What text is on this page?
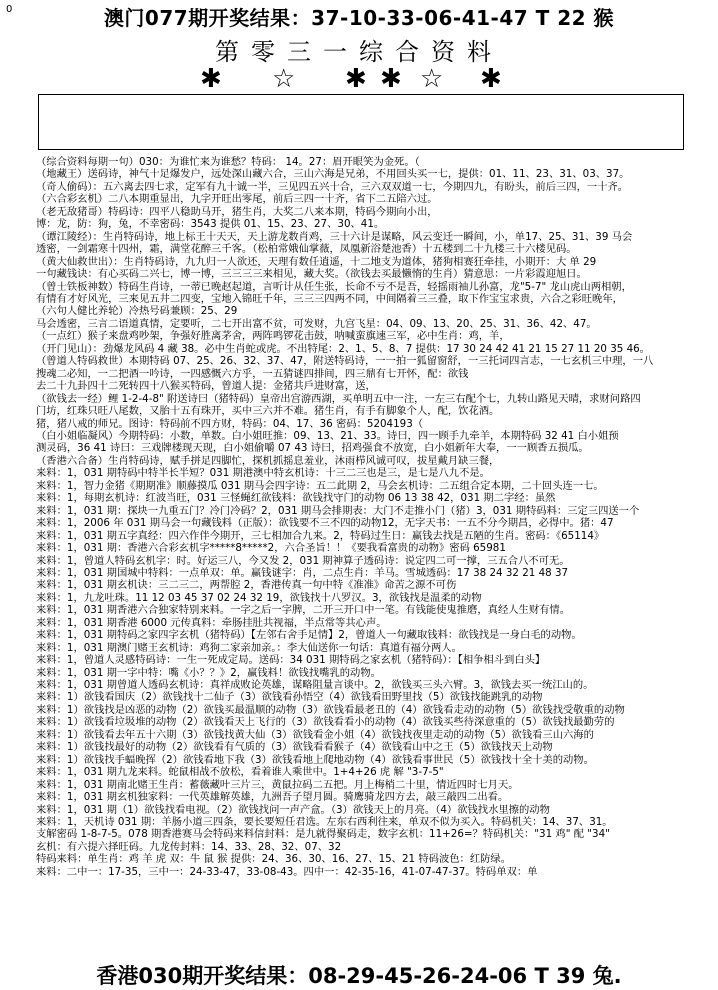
0	澳门077期开奖结果：37-10-33-06-41-47 T 22 猴
第零三一综合资料
✱ ☆ ✱ ✱ ☆ ✱
（综合资料每期一句）030：为谁忙来为谁愁？特码： 14。27：眉开眼笑为金死。（
（地藏王）送码诗，神气十足爆发户，远处深山藏六合，三山六海是兄弟，不用回头买一七，提供：01、11、23、31、03、37。
（奇人偷码）：五六离去四七求，定军有九十诚一半，三见四五兴十合，三六双双道一七，今期四九，有盼头，前后三四，一十齐。
（六合彩玄机）二八本期重显出，九字开旺出零尾，前后三四一十齐，省下二五陪六过。
（老无敌猪哥）特码诗：四平八稳助马开，猪生肖，大奖二八来本期，特码今期向小出，
博：龙，防：狗，兔，不幸密码：3543 提供 01、15、23、27、30、41。
（谭江陵经）：生肖特码诗，地上标王十天天，天上游龙数肖鸡，三十六计是谋略，风云变迁一瞬间，小，单17、25、31、39 马会
透密，一剑霜寒十四州，霜，满堂花醉三千客。（松柏常娥仙掌薇，凤凰新浴楚池香）十五楼到二十九楼三十六楼见码。
（黄大仙救世出）：生肖特码诗，九九归一人欲还，天理有数任逍遥，十二地支为道体，猪狗相赛狂牵挂，小期开：大 单 29
一句藏钱诀：有心买码二兴七，博一博，三三三三来相见，藏大奖。（欲钱去买最懒惰的生肖）猜意思：一片彩霞迎旭日。
（曾士铁板神数）特码生肖诗，一蒂已晚赵起道，言听计从任生张，长命不亏不是吾，轻摇雨袖儿孙富，龙"5-7" 龙山虎山两相朝，
有情有才好风光，三来见五井二四变，宝地入锦旺千年，三三三四两不同，中间隔着三三叠，取下作宝宝求贵，六合之彩旺晚年，
（六句人健比养轮）冷热号码兼顾：25、29
马会透密，三言二语道真情，定要听，二七开出富不贫，可发财，九宫飞星：04、09、13、20、25、31、36、42、47。
（一点红）猴子来盘鸡吵架，争强好胜离茅舍，两阵鸣锣花击鼓，呐喊蛮旗速三军，必中生肖：鸡，羊，
（开门见山）：劲爆龙风码 4 藏 38。必中生肖蛇或虎。不出特尾：2、1、5、8、7 提供：17 30 24 42 41 21 15 27 11 20 35 46。
（曾道人特码救世）本期特码 07、25、26、32、37、47，附送特码诗，一一拍一狐留窗舒，一三托词四言志，一七玄机三中理，一八
搜魂二必知，一二把酒一吟诗，一四感慨六方乎，一五猜谜四排间，四三鼎有七开怀，配：欲钱
去二十九卦四十二死转四十八猴买特码，曾道人提：金猪共戶进财富，送，
（欲钱去一经）鲤 1-2-4-8" 附送诗曰（猪特码）皇帝出宫游西湖，买单明五中一注，一左三右配个七，九转山路见天晴，求财问路四
门坊，红珠只旺八尾数，又胎十五有珠开，买中三六并不难。猪生肖，有手有脚象个人，配，饮花酒。
猪，猪八戒的师兄。图诗：特码前不四方财，特码：04、17、36 密码：5204193（
（白小姐临凝风）今期特码：小数，单数。白小姐旺推：09、13、21、33。诗曰，四一顾手九牵羊，本期特码 32 41 白小姐预
测灵码，36 41 诗曰：三戏牌楼现天现，白小姐偷嚼 07 43 诗曰，招鸡强食不放宽，白小姐新年大奉，一一顾香五损瓜。
（香港六合备）生肖特码诗，赋手拼足四脚忙，探机抓摇息羞业，沐雨栉风诚可叹，拔星戴月缺三餐，
来料：1，031 期特码中特半长半短？031 期港澳中特玄机诗：十三二三也是三，是七是八九不是。
来料：1，智力金猪《期期准》顺藤摸瓜 031 期马会四字诗：五二此期 2，马会玄机诗：二五组合定本期，二十回头连一七。
来料：1，每期玄机诗：红波当旺，031 三怪蝇红欲钱料：欲钱找守门的动物 06 13 38 42，031 期二字经：虽然
来料：1，031 期：探块一九重五门？冷门冷码？2，031 期马会排期表：大门不走推小门（猪）3，031 期特码料：三定三四送一个
来料：1，2006 年 031 期马会一句藏钱料（正版）：欲钱要不三不四的动物12，无字天书：一五不分今期昌，必得中。猪：47
来料：1，031 期五字真经：四六作伴今期开，三七相加合九来。2，特码过生日：赢钱去找是五陋的生肖。密码：《65114》
来料：1，031 期：香港六合彩玄机字*****8*****2，六合圣旨！！《要我看富贵的动物》密码 65981
来料：1，曾道人特码玄机字：时。好运三八，今又发 2，031 期神算子透码诗：说定四二可一撑，三五合八不可无。
来料：1，031 期国城中特料：一点单双：单。赢钱谜字：肖，二点生肖：羊马。雪城透码：17 38 24 32 21 48 37
来料：1，031 期玄机诀：三二三二，两帮腔 2，香港传真一句中特《准准》命苦之源不可伤
来料：1，九龙吐珠。11 12 03 45 37 02 24 32 19，欲钱找十八罗汉。3，欲钱找是温柔的动物
来料：1，031 期香港六合独家特别来料。一字之后一字脾，二开三开口中一笔。有钱能使鬼推磨，真经人生财有情。
来料：1，031 期香港 6000 元传真料：牵肠挂肚共视福，半点常等共心声。
来料：1，031 期特码之家四字玄机（猪特码）【左邻右舍手足情】2，曾道人一句藏取钱料：欲钱找是一身白毛的动物。
来料：1，031 期澳门赌王玄机诗：鸡狗二家亲加亲。：李大仙送你一句话：真道有福分两人。
来料：1，曾道人灵感特码诗：一生一死成定局。送码：34 031 期特码之家玄机（猪特码）：【相争相斗到白头】
来料：1，031 期一字中特：嘴《小？？》2，赢钱料！欲钱找嘴乳的动物。
来料：1，031 期曾道人透码玄机诗：真祥成败论英雄，谋略阻量言谈中。2，欲钱买三头六臂。3，欲钱去买一统江山的。
来料：1）欲钱看国庆（2）欲钱找十二仙子（3）欲钱看孙悟空（4）欲钱看田野里找（5）欲钱找能跳乳的动物
来料：1）欲钱找是凶恶的动物（2）欲钱买最温顺的动物（3）欲钱看最老丑的（4）欲钱看走动的动物（5）欲钱找受敬重的动物
来料：1）欲钱看垃圾堆的动物（2）欲钱看天上飞行的（3）欲钱看看小的动物（4）欲钱买些待深意重的（5）欲钱找最勤劳的
来料：1）欲钱看去年五十六期（3）欲钱找黄大仙（3）欲钱看金小姐（4）欲钱找夜里走动的动物（5）欲钱看三山六海的
来料：1）欲钱找最好的动物（2）欲钱看有气质的（3）欲钱看看猴子（4）欲钱看山中之王（5）欲钱找天上动物
来料：1）欲钱找手蝠晚挥（2）欲钱看地下我（3）欲钱看地上爬地动物（4）欲钱看事世民（5）欲钱找十全十美的动物。
来料：1，031 期九龙来料。蛇鼠相战不放松，看着谁人乘世中。1+4+26 虎 解 "3-7-5"
来料：1，031 期南北赌王生肖：蓄薇藏叶三片三，黄鼠拉码二五把。月上梅梢二十里，情近四时七月天。
来料：1，031 期玄机独家料：一代英雄解英雄，九洲吾子望月圆。骑鹰骑龙四方去，敲三敲四二出看。
来料：1，031 期（1）欲钱找看电视。（2）欲钱找问一声产盒。（3）欲钱天上的月亮。（4）欲钱找水里擦的动物
来料：1，天机诗 031 期：羊肠小道三四条，要长要短任君选。左东右西利往来，单双不似为买入。特码机关：14、37、31。
支解密码 1-8-7-5。078 期香港赛马会特码来料信封料：是九就得聚码走，数字玄机：11+26=？特码机关："31 鸡" 配 "34"
玄机：有六提六择旺码。九龙传封料：14、33、28、32、07、32
特码来料：单生肖：鸡 羊 虎 双：牛 鼠 猴 提供：24、36、30、16、27、15、21 特码波色：红防绿。
来料：二中一：17-35，三中一：24-33-47，33-08-43。四中一：42-35-16，41-07-47-37。特码单双：单
香港030期开奖结果：08-29-45-26-24-06 T 39 兔.
